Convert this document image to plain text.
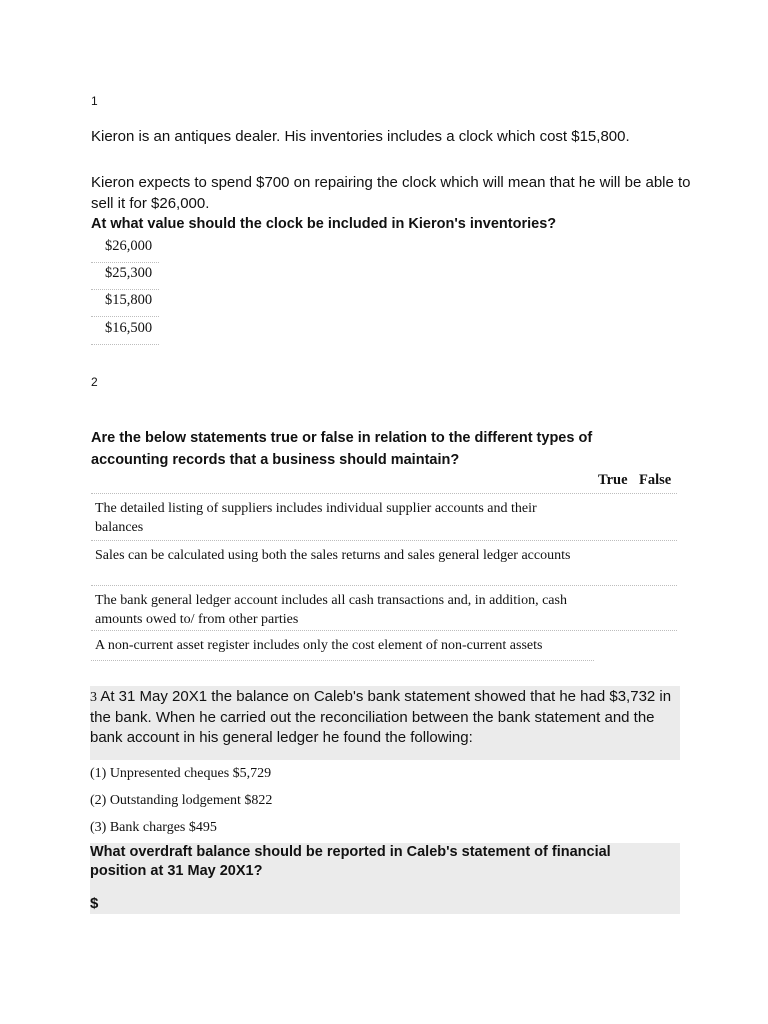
1
Kieron is an antiques dealer. His inventories includes a clock which cost $15,800.
Kieron expects to spend $700 on repairing the clock which will mean that he will be able to sell it for $26,000.
At what value should the clock be included in Kieron's inventories?
$26,000
$25,300
$15,800
$16,500
2
Are the below statements true or false in relation to the different types of accounting records that a business should maintain?
True False
The detailed listing of suppliers includes individual supplier accounts and their balances
Sales can be calculated using both the sales returns and sales general ledger accounts
The bank general ledger account includes all cash transactions and, in addition, cash amounts owed to/ from other parties
A non-current asset register includes only the cost element of non-current assets
3 At 31 May 20X1 the balance on Caleb's bank statement showed that he had $3,732 in the bank. When he carried out the reconciliation between the bank statement and the bank account in his general ledger he found the following:
(1) Unpresented cheques $5,729
(2) Outstanding lodgement $822
(3) Bank charges $495
What overdraft balance should be reported in Caleb's statement of financial position at 31 May 20X1?
$
